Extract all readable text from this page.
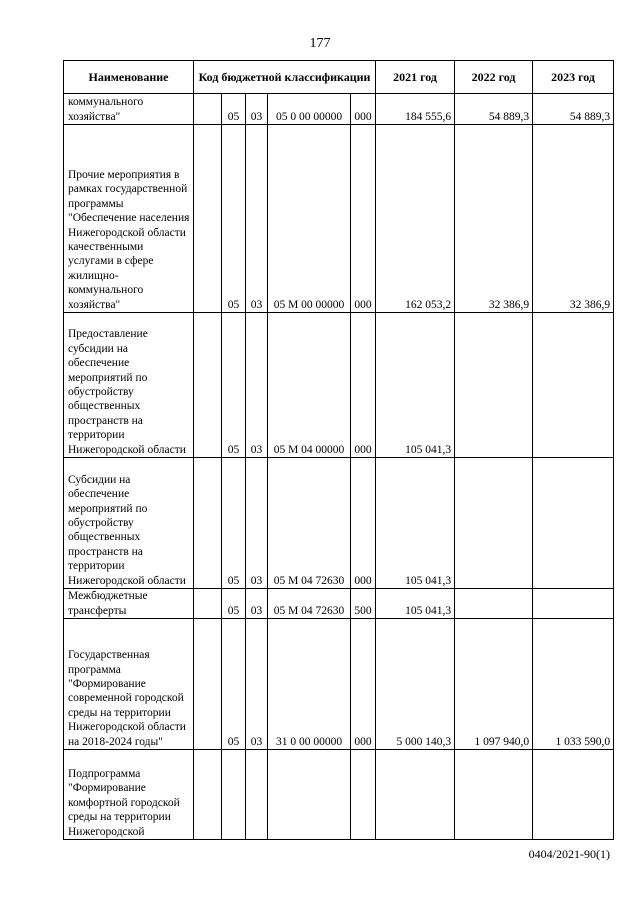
177
Наименование	Код бюджетной классификации					2021 год	2022 год	2023 год
коммунального хозяйства"		05	03	05 0 00 00000	000	184 555,6	54 889,3	54 889,3
Прочие мероприятия в рамках государственной программы "Обеспечение населения Нижегородской области качественными услугами в сфере жилищно-коммунального хозяйства"		05	03	05 М 00 00000	000	162 053,2	32 386,9	32 386,9
Предоставление субсидии на обеспечение мероприятий по обустройству общественных пространств на территории Нижегородской области		05	03	05 М 04 00000	000	105 041,3		
Субсидии на обеспечение мероприятий по обустройству общественных пространств на территории Нижегородской области		05	03	05 М 04 72630	000	105 041,3		
Межбюджетные трансферты		05	03	05 М 04 72630	500	105 041,3		
Государственная программа "Формирование современной городской среды на территории Нижегородской области на 2018-2024 годы"		05	03	31 0 00 00000	000	5 000 140,3	1 097 940,0	1 033 590,0
Подпрограмма "Формирование комфортной городской среды на территории Нижегородской								
0404/2021-90(1)
